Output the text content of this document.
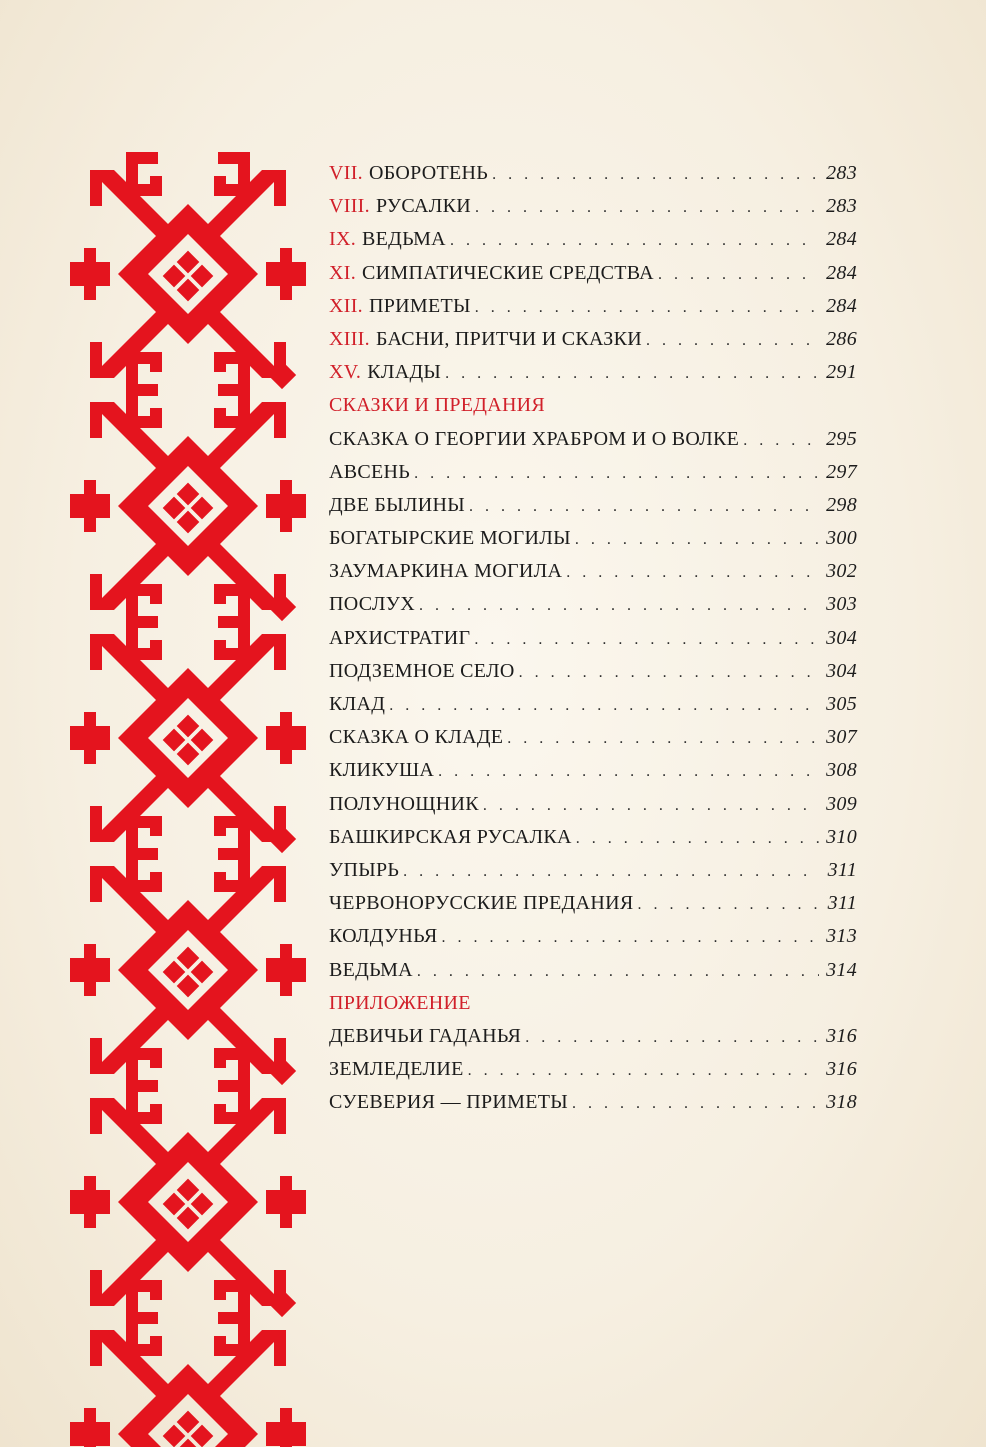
VII. ОБОРОТЕНЬ . . .	283
VIII. РУСАЛКИ . . .	283
IX. ВЕДЬМА . . .	284
XI. СИМПАТИЧЕСКИЕ СРЕДСТВА . . .	284
XII. ПРИМЕТЫ . . .	284
XIII. БАСНИ, ПРИТЧИ И СКАЗКИ . . .	286
XV. КЛАДЫ . . .	291
СКАЗКИ И ПРЕДАНИЯ
СКАЗКА О ГЕОРГИИ ХРАБРОМ И О ВОЛКЕ . . .	295
АВСЕНЬ . . .	297
ДВЕ БЫЛИНЫ . . .	298
БОГАТЫРСКИЕ МОГИЛЫ . . .	300
ЗАУМАРКИНА МОГИЛА . . .	302
ПОСЛУХ . . .	303
АРХИСТРАТИГ . . .	304
ПОДЗЕМНОЕ СЕЛО . . .	304
КЛАД . . .	305
СКАЗКА О КЛАДЕ . . .	307
КЛИКУША . . .	308
ПОЛУНОЩНИК . . .	309
БАШКИРСКАЯ РУСАЛКА . . .	310
УПЫРЬ . . .	311
ЧЕРВОНОРУССКИЕ ПРЕДАНИЯ . . .	311
КОЛДУНЬЯ . . .	313
ВЕДЬМА . . .	314
ПРИЛОЖЕНИЕ
ДЕВИЧЬИ ГАДАНЬЯ . . .	316
ЗЕМЛЕДЕЛИЕ . . .	316
СУЕВЕРИЯ — ПРИМЕТЫ . . .	318
